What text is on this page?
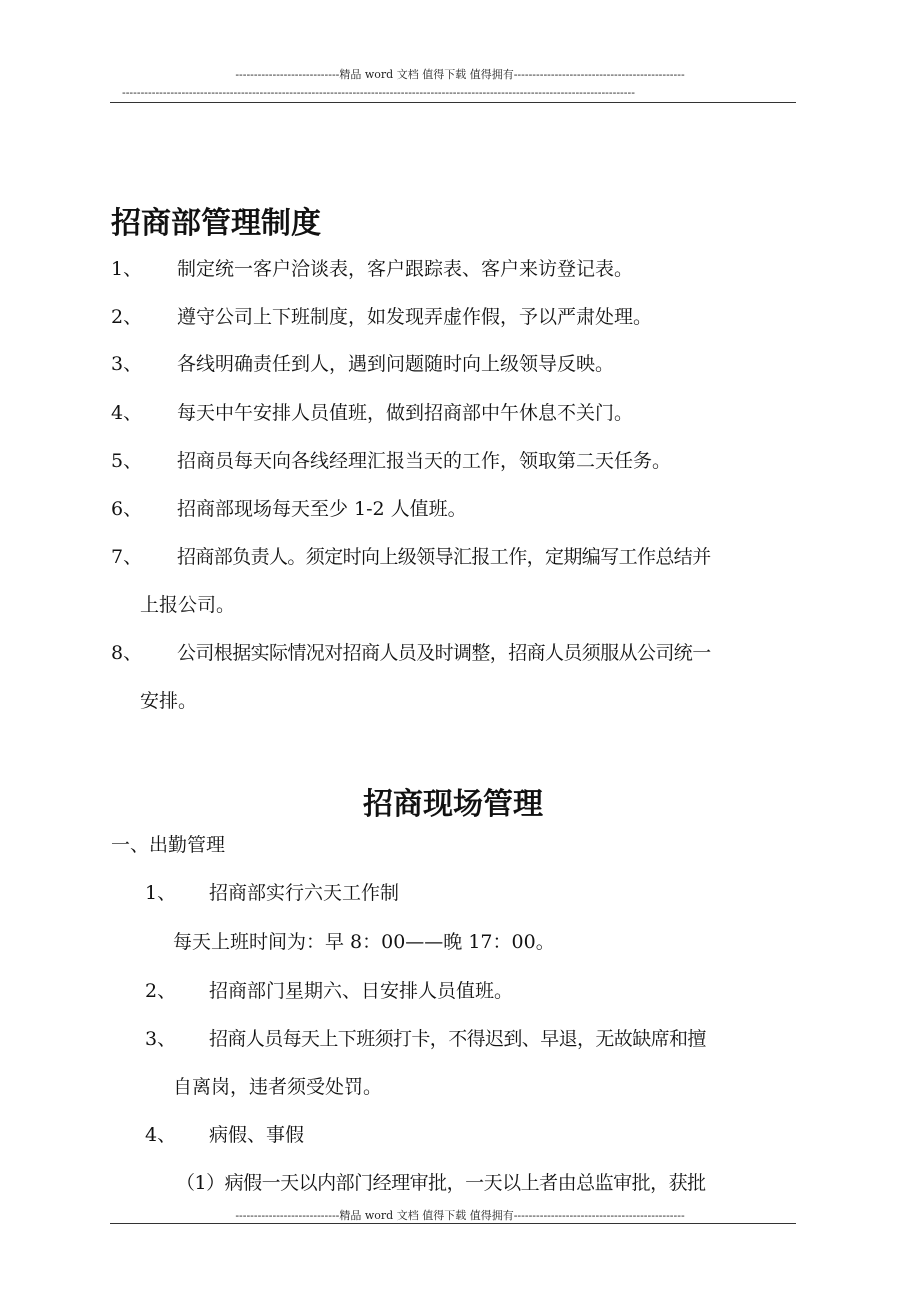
----------------------------精品 word 文档 值得下载 值得拥有----------------------------------------------
------------------------------------------------------------------------------------------------------------------------------------------
招商部管理制度
1、 制定统一客户洽谈表，客户跟踪表、客户来访登记表。
2、 遵守公司上下班制度，如发现弄虚作假，予以严肃处理。
3、 各线明确责任到人，遇到问题随时向上级领导反映。
4、 每天中午安排人员值班，做到招商部中午休息不关门。
5、 招商员每天向各线经理汇报当天的工作，领取第二天任务。
6、 招商部现场每天至少 1-2 人值班。
7、 招商部负责人。须定时向上级领导汇报工作，定期编写工作总结并
上报公司。
8、 公司根据实际情况对招商人员及时调整，招商人员须服从公司统一
安排。
招商现场管理
一、出勤管理
1、 招商部实行六天工作制
每天上班时间为：早 8：00——晚 17：00。
2、 招商部门星期六、日安排人员值班。
3、 招商人员每天上下班须打卡，不得迟到、早退，无故缺席和擅
自离岗，违者须受处罚。
4、 病假、事假
（1）病假一天以内部门经理审批，一天以上者由总监审批，获批
----------------------------精品 word 文档 值得下载 值得拥有----------------------------------------------
